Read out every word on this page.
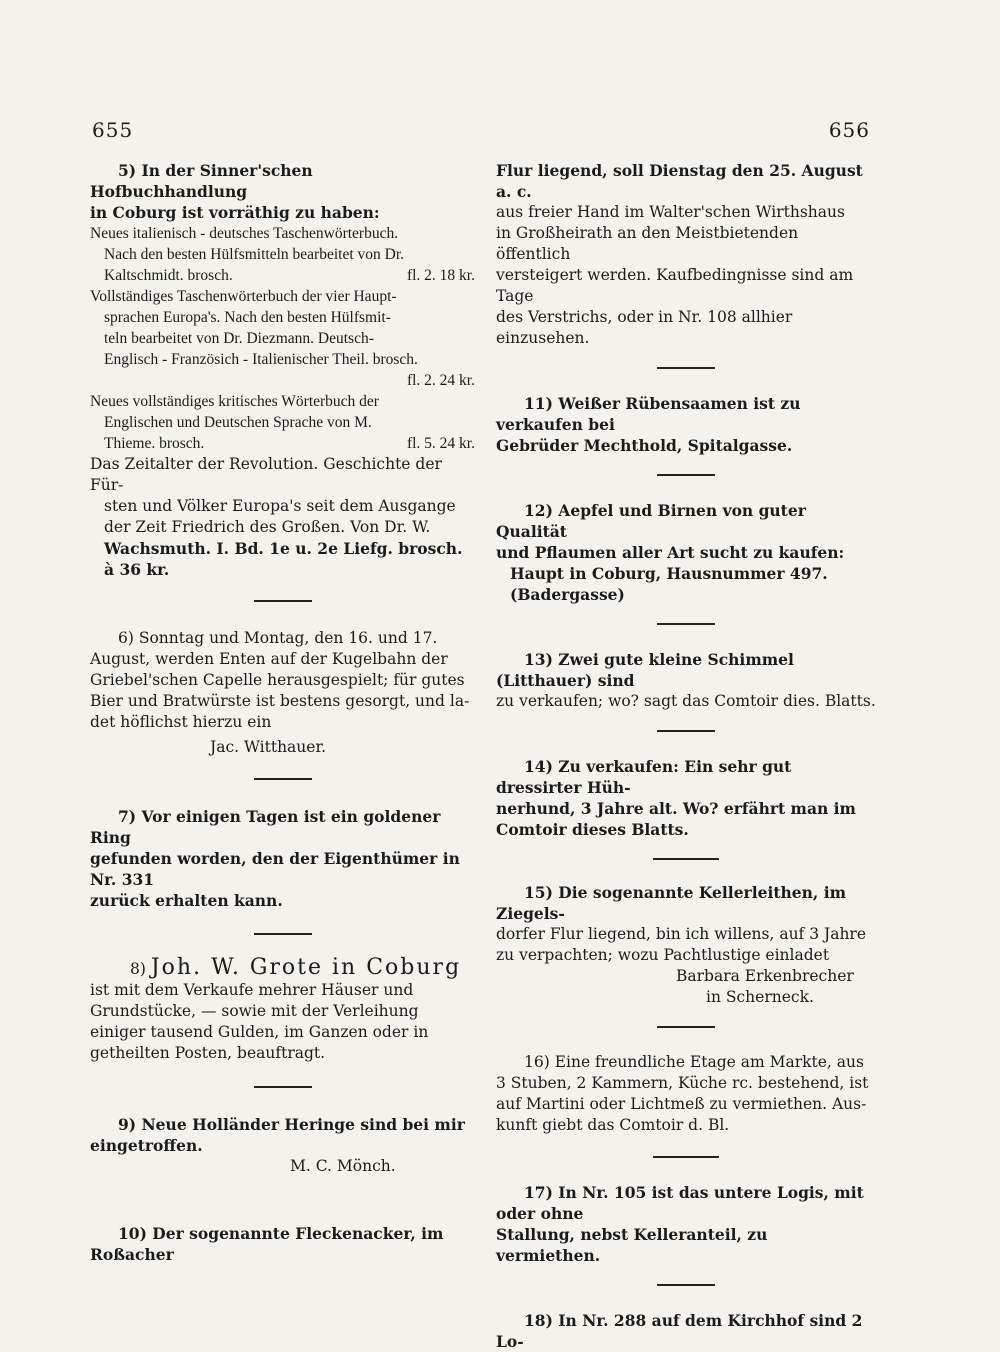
655	656

5) In der Sinner'schen Hofbuchhandlung

in Coburg ist vorräthig zu haben:

Neues italienisch - deutsches Taschenwörterbuch.

Nach den besten Hülfsmitteln bearbeitet von Dr.

Kaltschmidt. brosch.	fl. 2. 18 kr.

Vollständiges Taschenwörterbuch der vier Haupt-

sprachen Europa's. Nach den besten Hülfsmit-

teln bearbeitet von Dr. Diezmann. Deutsch-

Englisch - Französich - Italienischer Theil. brosch.

fl. 2. 24 kr.

Neues vollständiges kritisches Wörterbuch der

Englischen und Deutschen Sprache von M.

Thieme. brosch.	fl. 5. 24 kr.

Das Zeitalter der Revolution. Geschichte der Für-

sten und Völker Europa's seit dem Ausgange

der Zeit Friedrich des Großen. Von Dr. W.

Wachsmuth. I. Bd. 1e u. 2e Liefg. brosch. à 36 kr.

6) Sonntag und Montag, den 16. und 17.

August, werden Enten auf der Kugelbahn der

Griebel'schen Capelle herausgespielt; für gutes

Bier und Bratwürste ist bestens gesorgt, und la-

det höflichst hierzu ein

Jac. Witthauer.

7) Vor einigen Tagen ist ein goldener Ring

gefunden worden, den der Eigenthümer in Nr. 331

zurück erhalten kann.

8) Joh. W. Grote in Coburg

ist mit dem Verkaufe mehrer Häuser und

Grundstücke, — sowie mit der Verleihung

einiger tausend Gulden, im Ganzen oder in

getheilten Posten, beauftragt.

9) Neue Holländer Heringe sind bei mir

eingetroffen.

M. C. Mönch.

10) Der sogenannte Fleckenacker, im Roßacher

Flur liegend, soll Dienstag den 25. August a. c.

aus freier Hand im Walter'schen Wirthshaus

in Großheirath an den Meistbietenden öffentlich

versteigert werden. Kaufbedingnisse sind am Tage

des Verstrichs, oder in Nr. 108 allhier einzusehen.

11) Weißer Rübensaamen ist zu verkaufen bei

Gebrüder Mechthold, Spitalgasse.

12) Aepfel und Birnen von guter Qualität

und Pflaumen aller Art sucht zu kaufen:

Haupt in Coburg, Hausnummer 497. (Badergasse)

13) Zwei gute kleine Schimmel (Litthauer) sind

zu verkaufen; wo? sagt das Comtoir dies. Blatts.

14) Zu verkaufen: Ein sehr gut dressirter Hüh-

nerhund, 3 Jahre alt. Wo? erfährt man im

Comtoir dieses Blatts.

15) Die sogenannte Kellerleithen, im Ziegels-

dorfer Flur liegend, bin ich willens, auf 3 Jahre

zu verpachten; wozu Pachtlustige einladet

Barbara Erkenbrecher

in Scherneck.

16) Eine freundliche Etage am Markte, aus

3 Stuben, 2 Kammern, Küche rc. bestehend, ist

auf Martini oder Lichtmeß zu vermiethen. Aus-

kunft giebt das Comtoir d. Bl.

17) In Nr. 105 ist das untere Logis, mit oder ohne

Stallung, nebst Kelleranteil, zu vermiethen.

18) In Nr. 288 auf dem Kirchhof sind 2 Lo-
